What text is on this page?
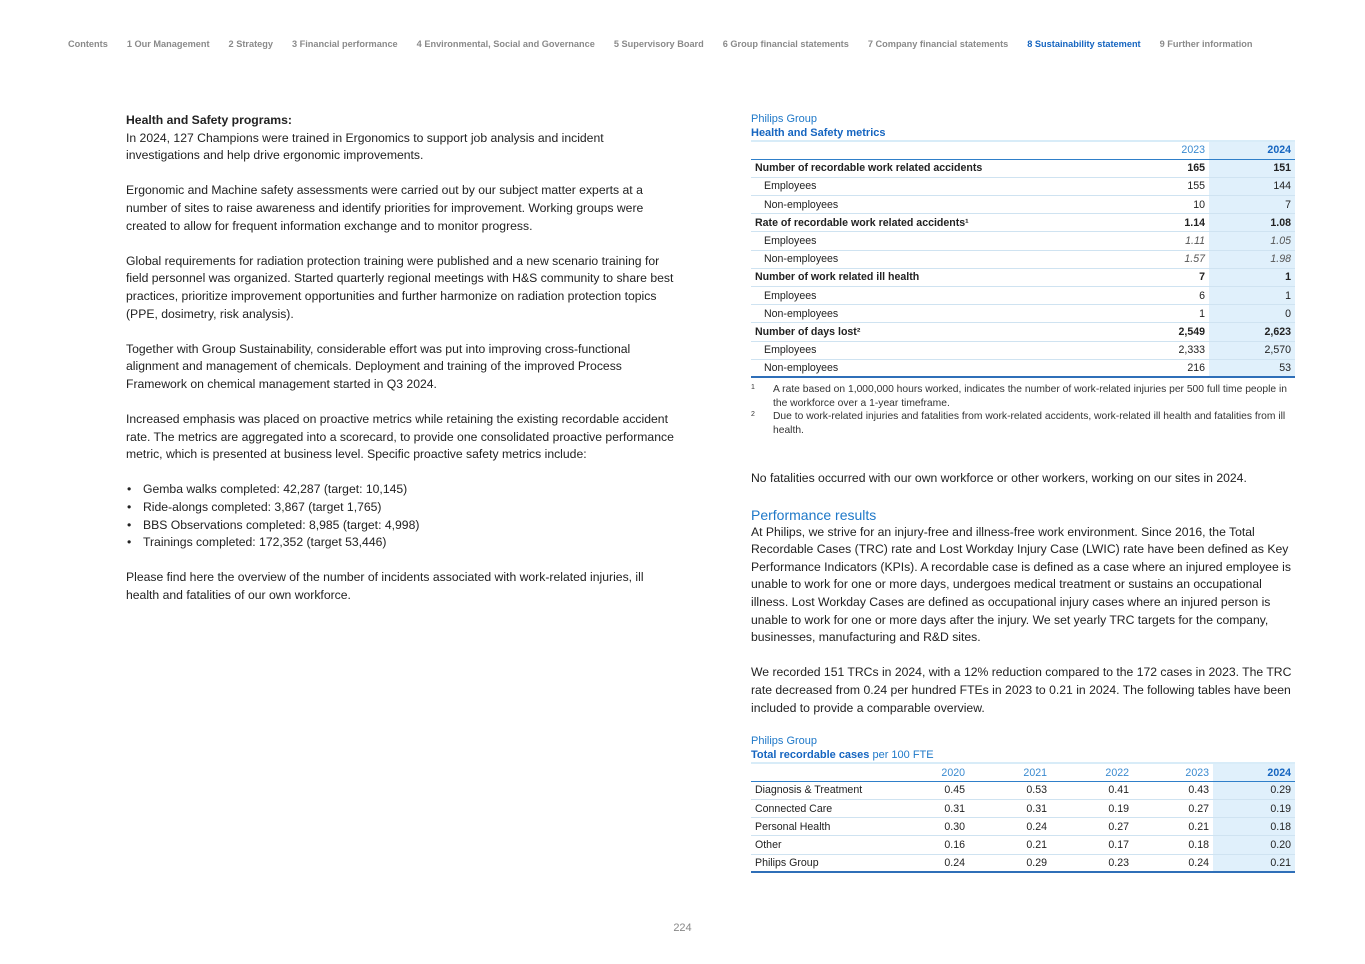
Contents 1 Our Management 2 Strategy 3 Financial performance 4 Environmental, Social and Governance 5 Supervisory Board 6 Group financial statements 7 Company financial statements 8 Sustainability statement 9 Further information
Health and Safety programs:

In 2024, 127 Champions were trained in Ergonomics to support job analysis and incident investigations and help drive ergonomic improvements.

Ergonomic and Machine safety assessments were carried out by our subject matter experts at a number of sites to raise awareness and identify priorities for improvement. Working groups were created to allow for frequent information exchange and to monitor progress.

Global requirements for radiation protection training were published and a new scenario training for field personnel was organized. Started quarterly regional meetings with H&S community to share best practices, prioritize improvement opportunities and further harmonize on radiation protection topics (PPE, dosimetry, risk analysis).

Together with Group Sustainability, considerable effort was put into improving cross-functional alignment and management of chemicals. Deployment and training of the improved Process Framework on chemical management started in Q3 2024.

Increased emphasis was placed on proactive metrics while retaining the existing recordable accident rate. The metrics are aggregated into a scorecard, to provide one consolidated proactive performance metric, which is presented at business level. Specific proactive safety metrics include:

• Gemba walks completed: 42,287 (target: 10,145)
• Ride-alongs completed: 3,867 (target 1,765)
• BBS Observations completed: 8,985 (target: 4,998)
• Trainings completed: 172,352 (target 53,446)

Please find here the overview of the number of incidents associated with work-related injuries, ill health and fatalities of our own workforce.

Philips Group
Health and Safety metrics
	2023	2024
Number of recordable work related accidents	165	151
Employees	155	144
Non-employees	10	7
Rate of recordable work related accidents¹	1.14	1.08
Employees	1.11	1.05
Non-employees	1.57	1.98
Number of work related ill health	7	1
Employees	6	1
Non-employees	1	0
Number of days lost²	2,549	2,623
Employees	2,333	2,570
Non-employees	216	53
1	A rate based on 1,000,000 hours worked, indicates the number of work-related injuries per 500 full time people in the workforce over a 1-year timeframe.
2	Due to work-related injuries and fatalities from work-related accidents, work-related ill health and fatalities from ill health.

No fatalities occurred with our own workforce or other workers, working on our sites in 2024.

Performance results

At Philips, we strive for an injury-free and illness-free work environment. Since 2016, the Total Recordable Cases (TRC) rate and Lost Workday Injury Case (LWIC) rate have been defined as Key Performance Indicators (KPIs). A recordable case is defined as a case where an injured employee is unable to work for one or more days, undergoes medical treatment or sustains an occupational illness. Lost Workday Cases are defined as occupational injury cases where an injured person is unable to work for one or more days after the injury. We set yearly TRC targets for the company, businesses, manufacturing and R&D sites.

We recorded 151 TRCs in 2024, with a 12% reduction compared to the 172 cases in 2023. The TRC rate decreased from 0.24 per hundred FTEs in 2023 to 0.21 in 2024. The following tables have been included to provide a comparable overview.

Philips Group
Total recordable cases per 100 FTE
	2020	2021	2022	2023	2024
Diagnosis & Treatment	0.45	0.53	0.41	0.43	0.29
Connected Care	0.31	0.31	0.19	0.27	0.19
Personal Health	0.30	0.24	0.27	0.21	0.18
Other	0.16	0.21	0.17	0.18	0.20
Philips Group	0.24	0.29	0.23	0.24	0.21
224
